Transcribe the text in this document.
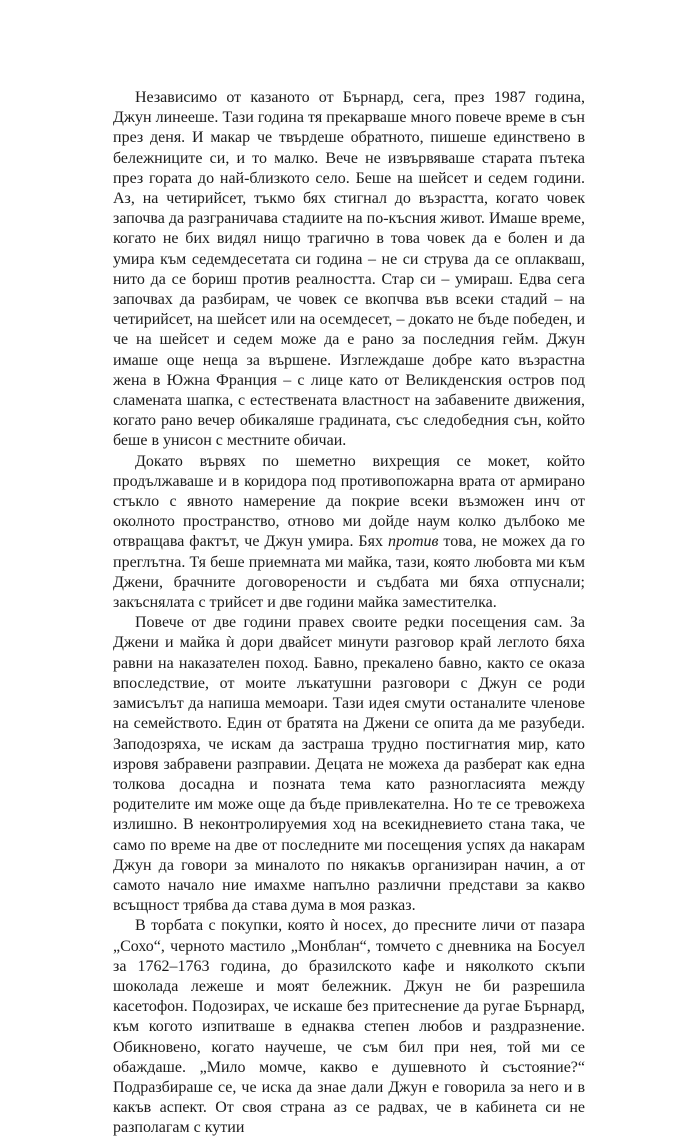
Независимо от казаното от Бърнард, сега, през 1987 година, Джун линееше. Тази година тя прекарваше много повече време в сън през деня. И макар че твърдеше обратното, пишеше единствено в бележниците си, и то малко. Вече не извървяваше старата пътека през гората до най-близкото село. Беше на шейсет и седем години. Аз, на четирийсет, тъкмо бях стигнал до възрастта, когато човек започва да разграничава стадиите на по-късния живот. Имаше време, когато не бих видял нищо трагично в това човек да е болен и да умира към седемдесетата си година – не си струва да се оплакваш, нито да се бориш против реалността. Стар си – умираш. Едва сега започвах да разбирам, че човек се вкопчва във всеки стадий – на четирийсет, на шейсет или на осемдесет, – докато не бъде победен, и че на шейсет и седем може да е рано за последния гейм. Джун имаше още неща за вършене. Изглеждаше добре като възрастна жена в Южна Франция – с лице като от Великденския остров под сламената шапка, с естествената властност на забавените движения, когато рано вечер обикаляше градината, със следобедния сън, който беше в унисон с местните обичаи.

Докато вървях по шеметно вихрещия се мокет, който продължаваше и в коридора под противопожарна врата от армирано стъкло с явното намерение да покрие всеки възможен инч от околното пространство, отново ми дойде наум колко дълбоко ме отвращава фактът, че Джун умира. Бях против това, не можех да го преглътна. Тя беше приемната ми майка, тази, която любовта ми към Джени, брачните договорености и съдбата ми бяха отпуснали; закъснялата с трийсет и две години майка заместителка.

Повече от две години правех своите редки посещения сам. За Джени и майка ѝ дори двайсет минути разговор край леглото бяха равни на наказателен поход. Бавно, прекалено бавно, както се оказа впоследствие, от моите лъкатушни разговори с Джун се роди замисълът да напиша мемоари. Тази идея смути останалите членове на семейството. Един от братята на Джени се опита да ме разубеди. Заподозряха, че искам да застраша трудно постигнатия мир, като изровя забравени разправии. Децата не можеха да разберат как една толкова досадна и позната тема като разногласията между родителите им може още да бъде привлекателна. Но те се тревожеха излишно. В неконтролируемия ход на всекидневието стана така, че само по време на две от последните ми посещения успях да накарам Джун да говори за миналото по някакъв организиран начин, а от самото начало ние имахме напълно различни представи за какво всъщност трябва да става дума в моя разказ.

В торбата с покупки, която ѝ носех, до пресните личи от пазара „Сохо“, черното мастило „Монблан“, томчето с дневника на Босуел за 1762–1763 година, до бразилското кафе и няколкото скъпи шоколада лежеше и моят бележник. Джун не би разрешила касетофон. Подозирах, че искаше без притеснение да ругае Бърнард, към когото изпитваше в еднаква степен любов и раздразнение. Обикновено, когато научеше, че съм бил при нея, той ми се обаждаше. „Мило момче, какво е душевното ѝ състояние?“ Подразбираше се, че иска да знае дали Джун е говорила за него и в какъв аспект. От своя страна аз се радвах, че в кабинета си не разполагам с кутии
